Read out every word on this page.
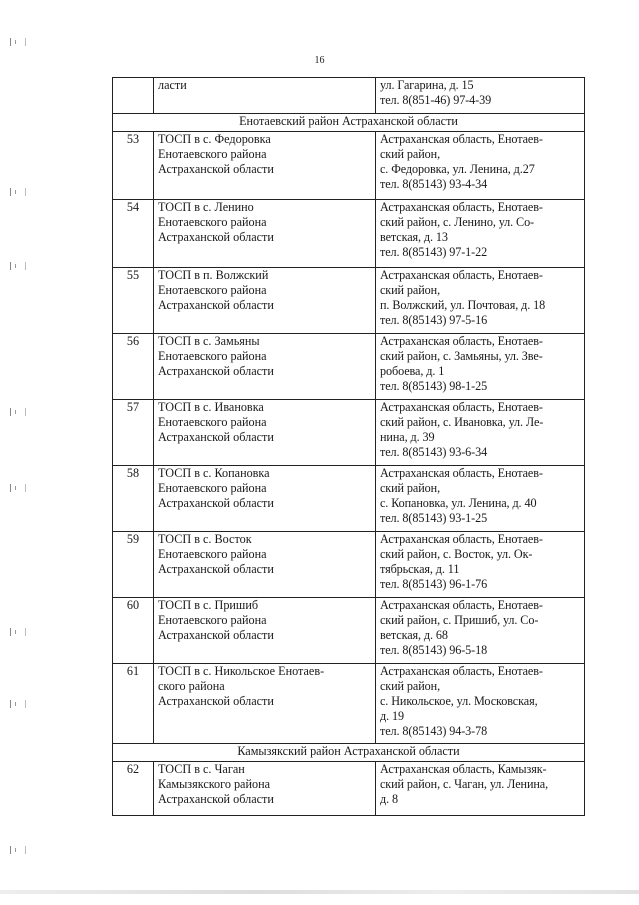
16

	ласти	ул. Гагарина, д. 15
тел. 8(851-46) 97-4-39

Енотаевский район Астраханской области		
53	ТОСП в с. Федоровка
Енотаевского района
Астраханской области	Астраханская область, Енотаев-
ский район,
с. Федоровка, ул. Ленина, д.27
тел. 8(85143) 93-4-34

54	ТОСП в с. Ленино
Енотаевского района
Астраханской области	Астраханская область, Енотаев-
ский район, с. Ленино, ул. Со-
ветская, д. 13
тел. 8(85143) 97-1-22

55	ТОСП в п. Волжский
Енотаевского района
Астраханской области	Астраханская область, Енотаев-
ский район,
п. Волжский, ул. Почтовая, д. 18
тел. 8(85143) 97-5-16

56	ТОСП в с. Замьяны
Енотаевского района
Астраханской области	Астраханская область, Енотаев-
ский район, с. Замьяны, ул. Зве-
робоева, д. 1
тел. 8(85143) 98-1-25

57	ТОСП в с. Ивановка
Енотаевского района
Астраханской области	Астраханская область, Енотаев-
ский район, с. Ивановка, ул. Ле-
нина, д. 39
тел. 8(85143) 93-6-34

58	ТОСП в с. Копановка
Енотаевского района
Астраханской области	Астраханская область, Енотаев-
ский район,
с. Копановка, ул. Ленина, д. 40
тел. 8(85143) 93-1-25

59	ТОСП в с. Восток
Енотаевского района
Астраханской области	Астраханская область, Енотаев-
ский район, с. Восток, ул. Ок-
тябрьская, д. 11
тел. 8(85143) 96-1-76

60	ТОСП в с. Пришиб
Енотаевского района
Астраханской области	Астраханская область, Енотаев-
ский район, с. Пришиб, ул. Со-
ветская, д. 68
тел. 8(85143) 96-5-18

61	ТОСП в с. Никольское Енотаев-
ского района
Астраханской области	Астраханская область, Енотаев-
ский район,
с. Никольское, ул. Московская,
д. 19
тел. 8(85143) 94-3-78

Камызякский район Астраханской области		
62	ТОСП в с. Чаган
Камызякского района
Астраханской области	Астраханская область, Камызяк-
ский район, с. Чаган, ул. Ленина,
д. 8
